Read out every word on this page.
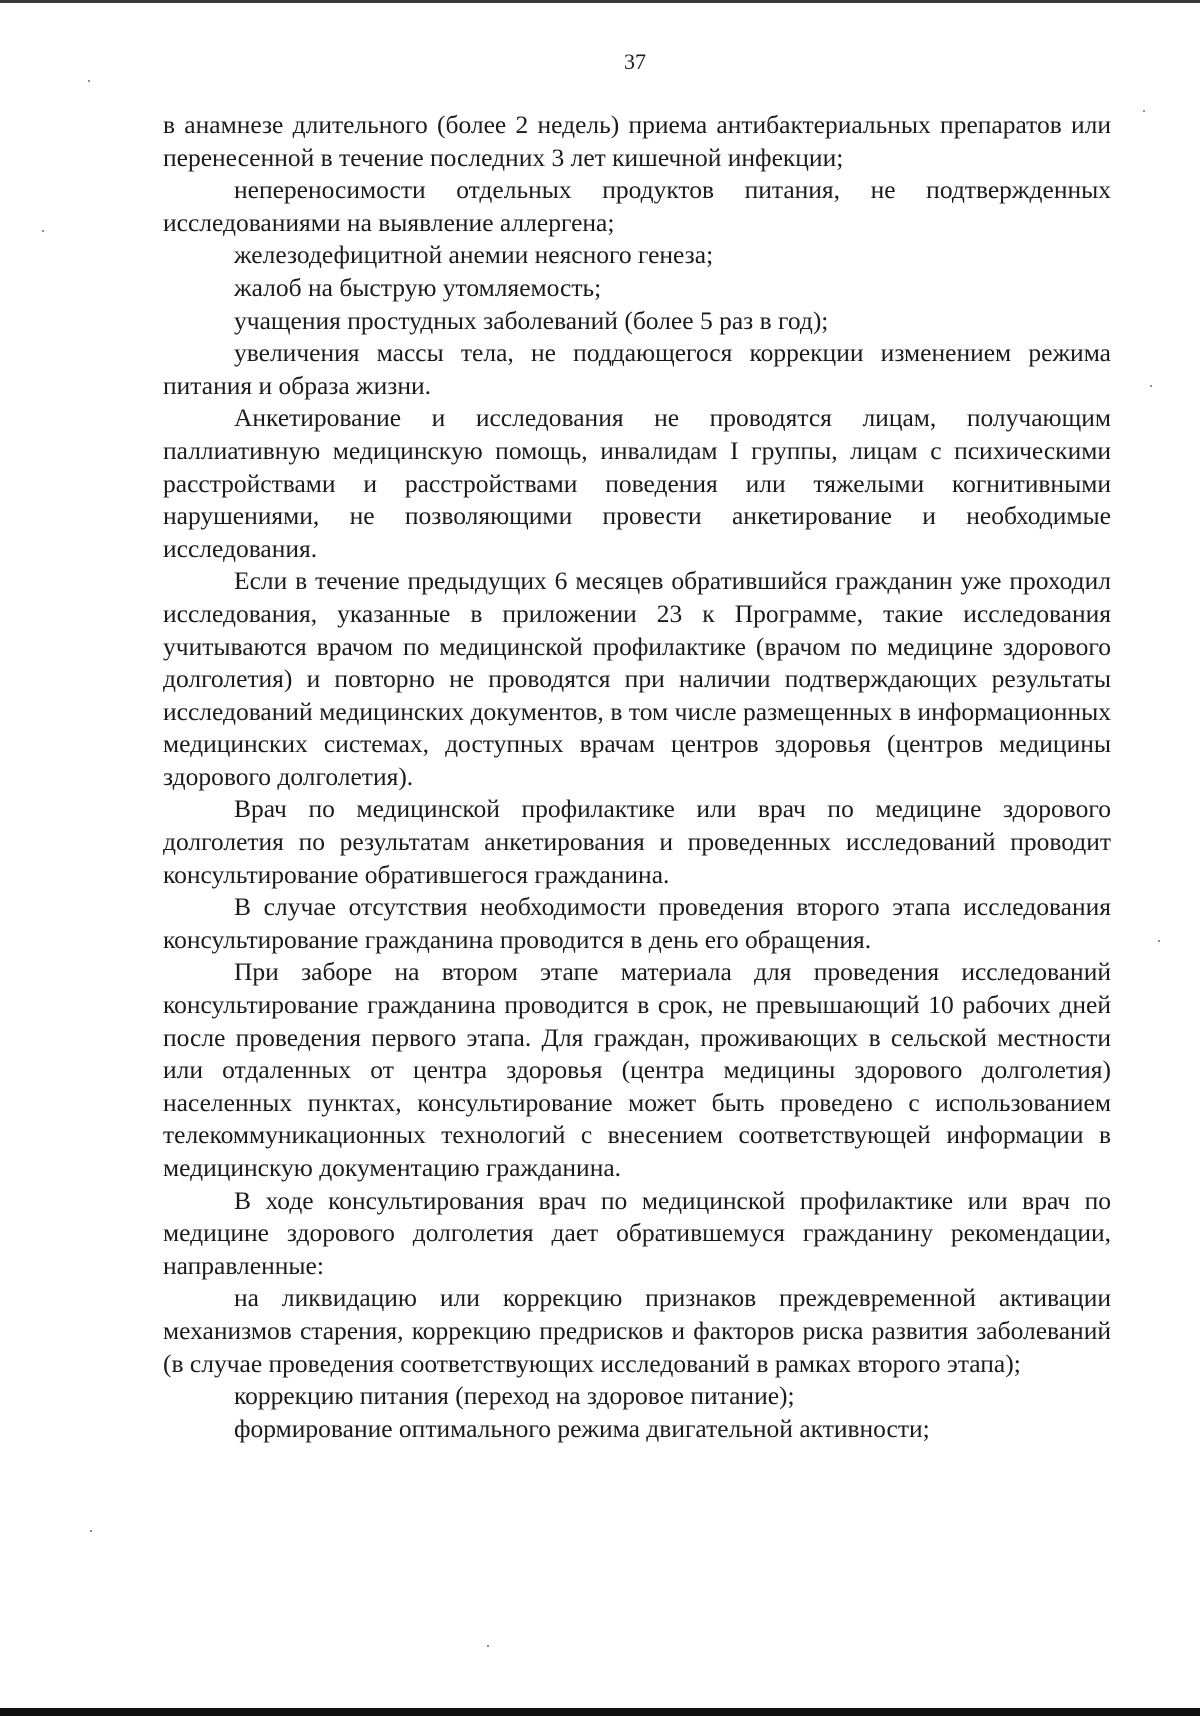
37

в анамнезе длительного (более 2 недель) приема антибактериальных препаратов или перенесенной в течение последних 3 лет кишечной инфекции;

непереносимости отдельных продуктов питания, не подтвержденных исследованиями на выявление аллергена;

железодефицитной анемии неясного генеза;

жалоб на быструю утомляемость;

учащения простудных заболеваний (более 5 раз в год);

увеличения массы тела, не поддающегося коррекции изменением режима питания и образа жизни.

Анкетирование и исследования не проводятся лицам, получающим паллиативную медицинскую помощь, инвалидам I группы, лицам с психическими расстройствами и расстройствами поведения или тяжелыми когнитивными нарушениями, не позволяющими провести анкетирование и необходимые исследования.

Если в течение предыдущих 6 месяцев обратившийся гражданин уже проходил исследования, указанные в приложении 23 к Программе, такие исследования учитываются врачом по медицинской профилактике (врачом по медицине здорового долголетия) и повторно не проводятся при наличии подтверждающих результаты исследований медицинских документов, в том числе размещенных в информационных медицинских системах, доступных врачам центров здоровья (центров медицины здорового долголетия).

Врач по медицинской профилактике или врач по медицине здорового долголетия по результатам анкетирования и проведенных исследований проводит консультирование обратившегося гражданина.

В случае отсутствия необходимости проведения второго этапа исследования консультирование гражданина проводится в день его обращения.

При заборе на втором этапе материала для проведения исследований консультирование гражданина проводится в срок, не превышающий 10 рабочих дней после проведения первого этапа. Для граждан, проживающих в сельской местности или отдаленных от центра здоровья (центра медицины здорового долголетия) населенных пунктах, консультирование может быть проведено с использованием телекоммуникационных технологий с внесением соответствующей информации в медицинскую документацию гражданина.

В ходе консультирования врач по медицинской профилактике или врач по медицине здорового долголетия дает обратившемуся гражданину рекомендации, направленные:

на ликвидацию или коррекцию признаков преждевременной активации механизмов старения, коррекцию предрисков и факторов риска развития заболеваний (в случае проведения соответствующих исследований в рамках второго этапа);

коррекцию питания (переход на здоровое питание);

формирование оптимального режима двигательной активности;
